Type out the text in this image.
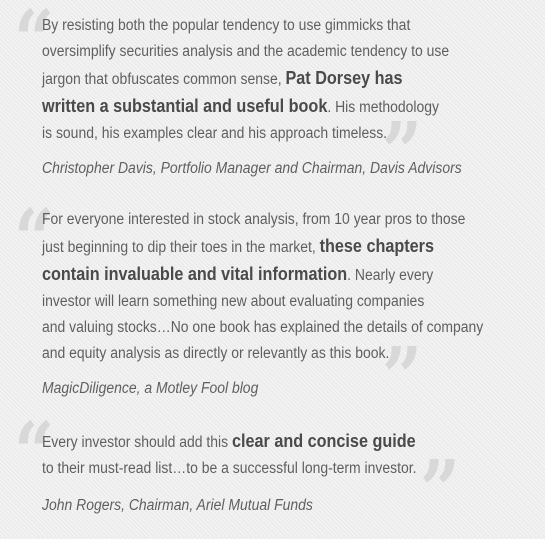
“

By resisting both the popular tendency to use gimmicks that
oversimplify securities analysis and the academic tendency to use
jargon that obfuscates common sense, Pat Dorsey has
written a substantial and useful book. His methodology
is sound, his examples clear and his approach timeless.

”

Christopher Davis, Portfolio Manager and Chairman, Davis Advisors

“

For everyone interested in stock analysis, from 10 year pros to those
just beginning to dip their toes in the market, these chapters
contain invaluable and vital information. Nearly every
investor will learn something new about evaluating companies
and valuing stocks…No one book has explained the details of company
and equity analysis as directly or relevantly as this book.

”

MagicDiligence, a Motley Fool blog

“

Every investor should add this clear and concise guide
to their must-read list…to be a successful long-term investor. ”

John Rogers, Chairman, Ariel Mutual Funds
